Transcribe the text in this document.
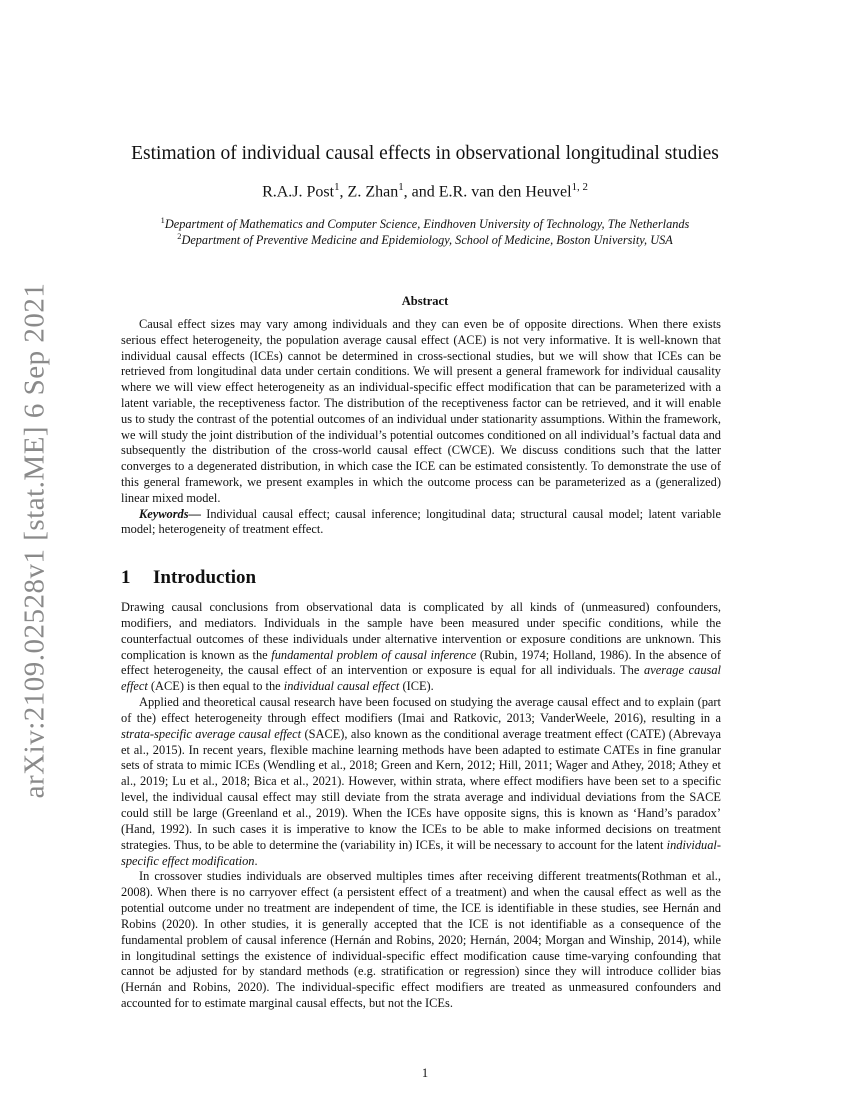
arXiv:2109.02528v1 [stat.ME] 6 Sep 2021
Estimation of individual causal effects in observational longitudinal studies
R.A.J. Post$^1$, Z. Zhan$^1$, and E.R. van den Heuvel$^{1, 2}$
$^1$Department of Mathematics and Computer Science, Eindhoven University of Technology, The Netherlands
$^2$Department of Preventive Medicine and Epidemiology, School of Medicine, Boston University, USA
Abstract

Causal effect sizes may vary among individuals and they can even be of opposite directions. When there exists serious effect heterogeneity, the population average causal effect (ACE) is not very informative. It is well-known that individual causal effects (ICEs) cannot be determined in cross-sectional studies, but we will show that ICEs can be retrieved from longitudinal data under certain conditions. We will present a general framework for individual causality where we will view effect heterogeneity as an individual-specific effect modification that can be parameterized with a latent variable, the receptiveness factor. The distribution of the receptiveness factor can be retrieved, and it will enable us to study the contrast of the potential outcomes of an individual under stationarity assumptions. Within the framework, we will study the joint distribution of the individual’s potential outcomes conditioned on all individual’s factual data and subsequently the distribution of the cross-world causal effect (CWCE). We discuss conditions such that the latter converges to a degenerated distribution, in which case the ICE can be estimated consistently. To demonstrate the use of this general framework, we present examples in which the outcome process can be parameterized as a (generalized) linear mixed model.

Keywords— Individual causal effect; causal inference; longitudinal data; structural causal model; latent variable model; heterogeneity of treatment effect.

1 Introduction

Drawing causal conclusions from observational data is complicated by all kinds of (unmeasured) confounders, modifiers, and mediators. Individuals in the sample have been measured under specific conditions, while the counterfactual outcomes of these individuals under alternative intervention or exposure conditions are unknown. This complication is known as the fundamental problem of causal inference (Rubin, 1974; Holland, 1986). In the absence of effect heterogeneity, the causal effect of an intervention or exposure is equal for all individuals. The average causal effect (ACE) is then equal to the individual causal effect (ICE).

Applied and theoretical causal research have been focused on studying the average causal effect and to explain (part of the) effect heterogeneity through effect modifiers (Imai and Ratkovic, 2013; VanderWeele, 2016), resulting in a strata-specific average causal effect (SACE), also known as the conditional average treatment effect (CATE) (Abrevaya et al., 2015). In recent years, flexible machine learning methods have been adapted to estimate CATEs in fine granular sets of strata to mimic ICEs (Wendling et al., 2018; Green and Kern, 2012; Hill, 2011; Wager and Athey, 2018; Athey et al., 2019; Lu et al., 2018; Bica et al., 2021). However, within strata, where effect modifiers have been set to a specific level, the individual causal effect may still deviate from the strata average and individual deviations from the SACE could still be large (Greenland et al., 2019). When the ICEs have opposite signs, this is known as ‘Hand’s paradox’ (Hand, 1992). In such cases it is imperative to know the ICEs to be able to make informed decisions on treatment strategies. Thus, to be able to determine the (variability in) ICEs, it will be necessary to account for the latent individual-specific effect modification.

In crossover studies individuals are observed multiples times after receiving different treatments(Rothman et al., 2008). When there is no carryover effect (a persistent effect of a treatment) and when the causal effect as well as the potential outcome under no treatment are independent of time, the ICE is identifiable in these studies, see Hernán and Robins (2020). In other studies, it is generally accepted that the ICE is not identifiable as a consequence of the fundamental problem of causal inference (Hernán and Robins, 2020; Hernán, 2004; Morgan and Winship, 2014), while in longitudinal settings the existence of individual-specific effect modification cause time-varying confounding that cannot be adjusted for by standard methods (e.g. stratification or regression) since they will introduce collider bias (Hernán and Robins, 2020). The individual-specific effect modifiers are treated as unmeasured confounders and accounted for to estimate marginal causal effects, but not the ICEs.

1
